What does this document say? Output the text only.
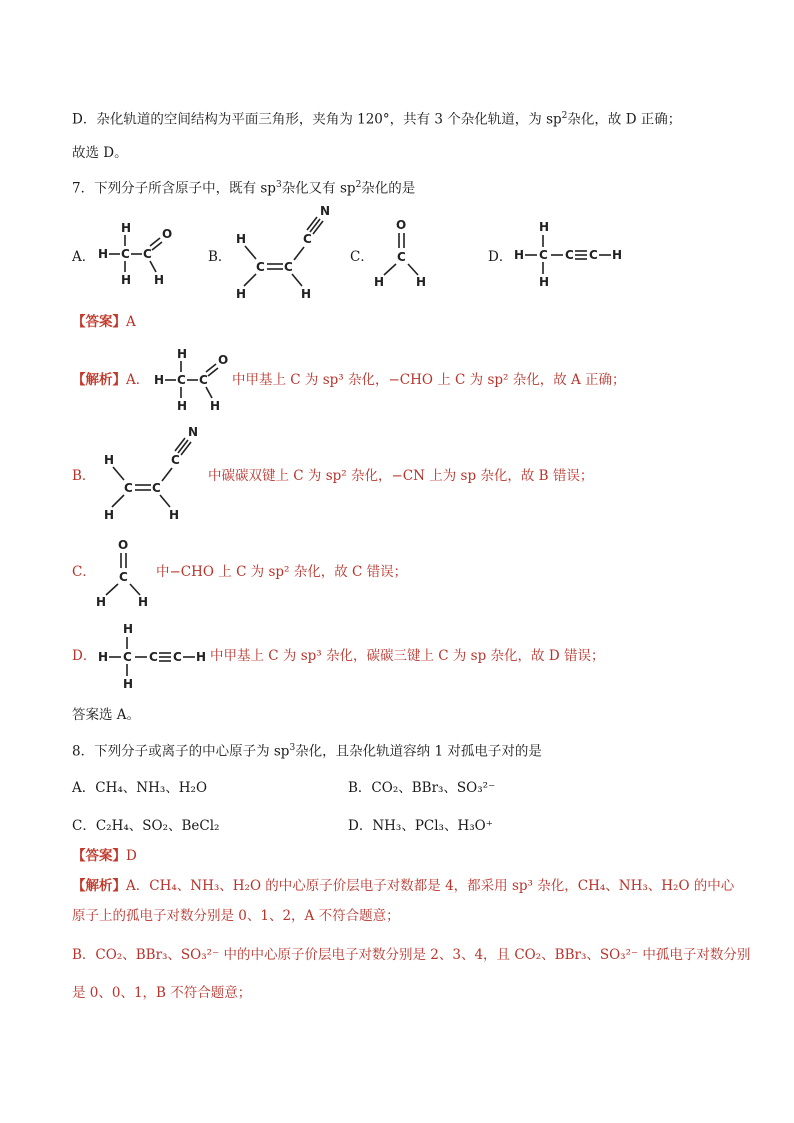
D．杂化轨道的空间结构为平面三角形，夹角为 120°，共有 3 个杂化轨道，为 $sp^2$杂化，故 D 正确；
故选 D。
7．下列分子所含原子中，既有 $sp^3$杂化又有 $sp^2$杂化的是
A． H C
H
H
C
O
H
B．
H
C C
H	H
C
N
C．
O
C
H	H
D． H C
H
H
C C H
【答案】A
【解析】A． H C
H
H
C
O
H
中甲基上 C 为 sp³ 杂化，−CHO 上 C 为 sp² 杂化，故 A 正确；
B．
H
C C
H	H
C
N
中碳碳双键上 C 为 sp² 杂化，−CN 上为 sp 杂化，故 B 错误；
C．
O
C
H	H
中−CHO 上 C 为 sp² 杂化，故 C 错误；
D． H C
H
H
C C H 中甲基上 C 为 sp³ 杂化，碳碳三键上 C 为 sp 杂化，故 D 错误；
答案选 A。
8．下列分子或离子的中心原子为 $sp^3$杂化，且杂化轨道容纳 1 对孤电子对的是
A．CH₄、NH₃、H₂O	B．CO₂、BBr₃、SO₃²⁻
C．C₂H₄、SO₂、BeCl₂	D．NH₃、PCl₃、H₃O⁺
【答案】D
【解析】A．CH₄、NH₃、H₂O 的中心原子价层电子对数都是 4，都采用 sp³ 杂化，CH₄、NH₃、H₂O 的中心
原子上的孤电子对数分别是 0、1、2，A 不符合题意；
B．CO₂、BBr₃、SO₃²⁻ 中的中心原子价层电子对数分别是 2、3、4，且 CO₂、BBr₃、SO₃²⁻ 中孤电子对数分别
是 0、0、1，B 不符合题意；
